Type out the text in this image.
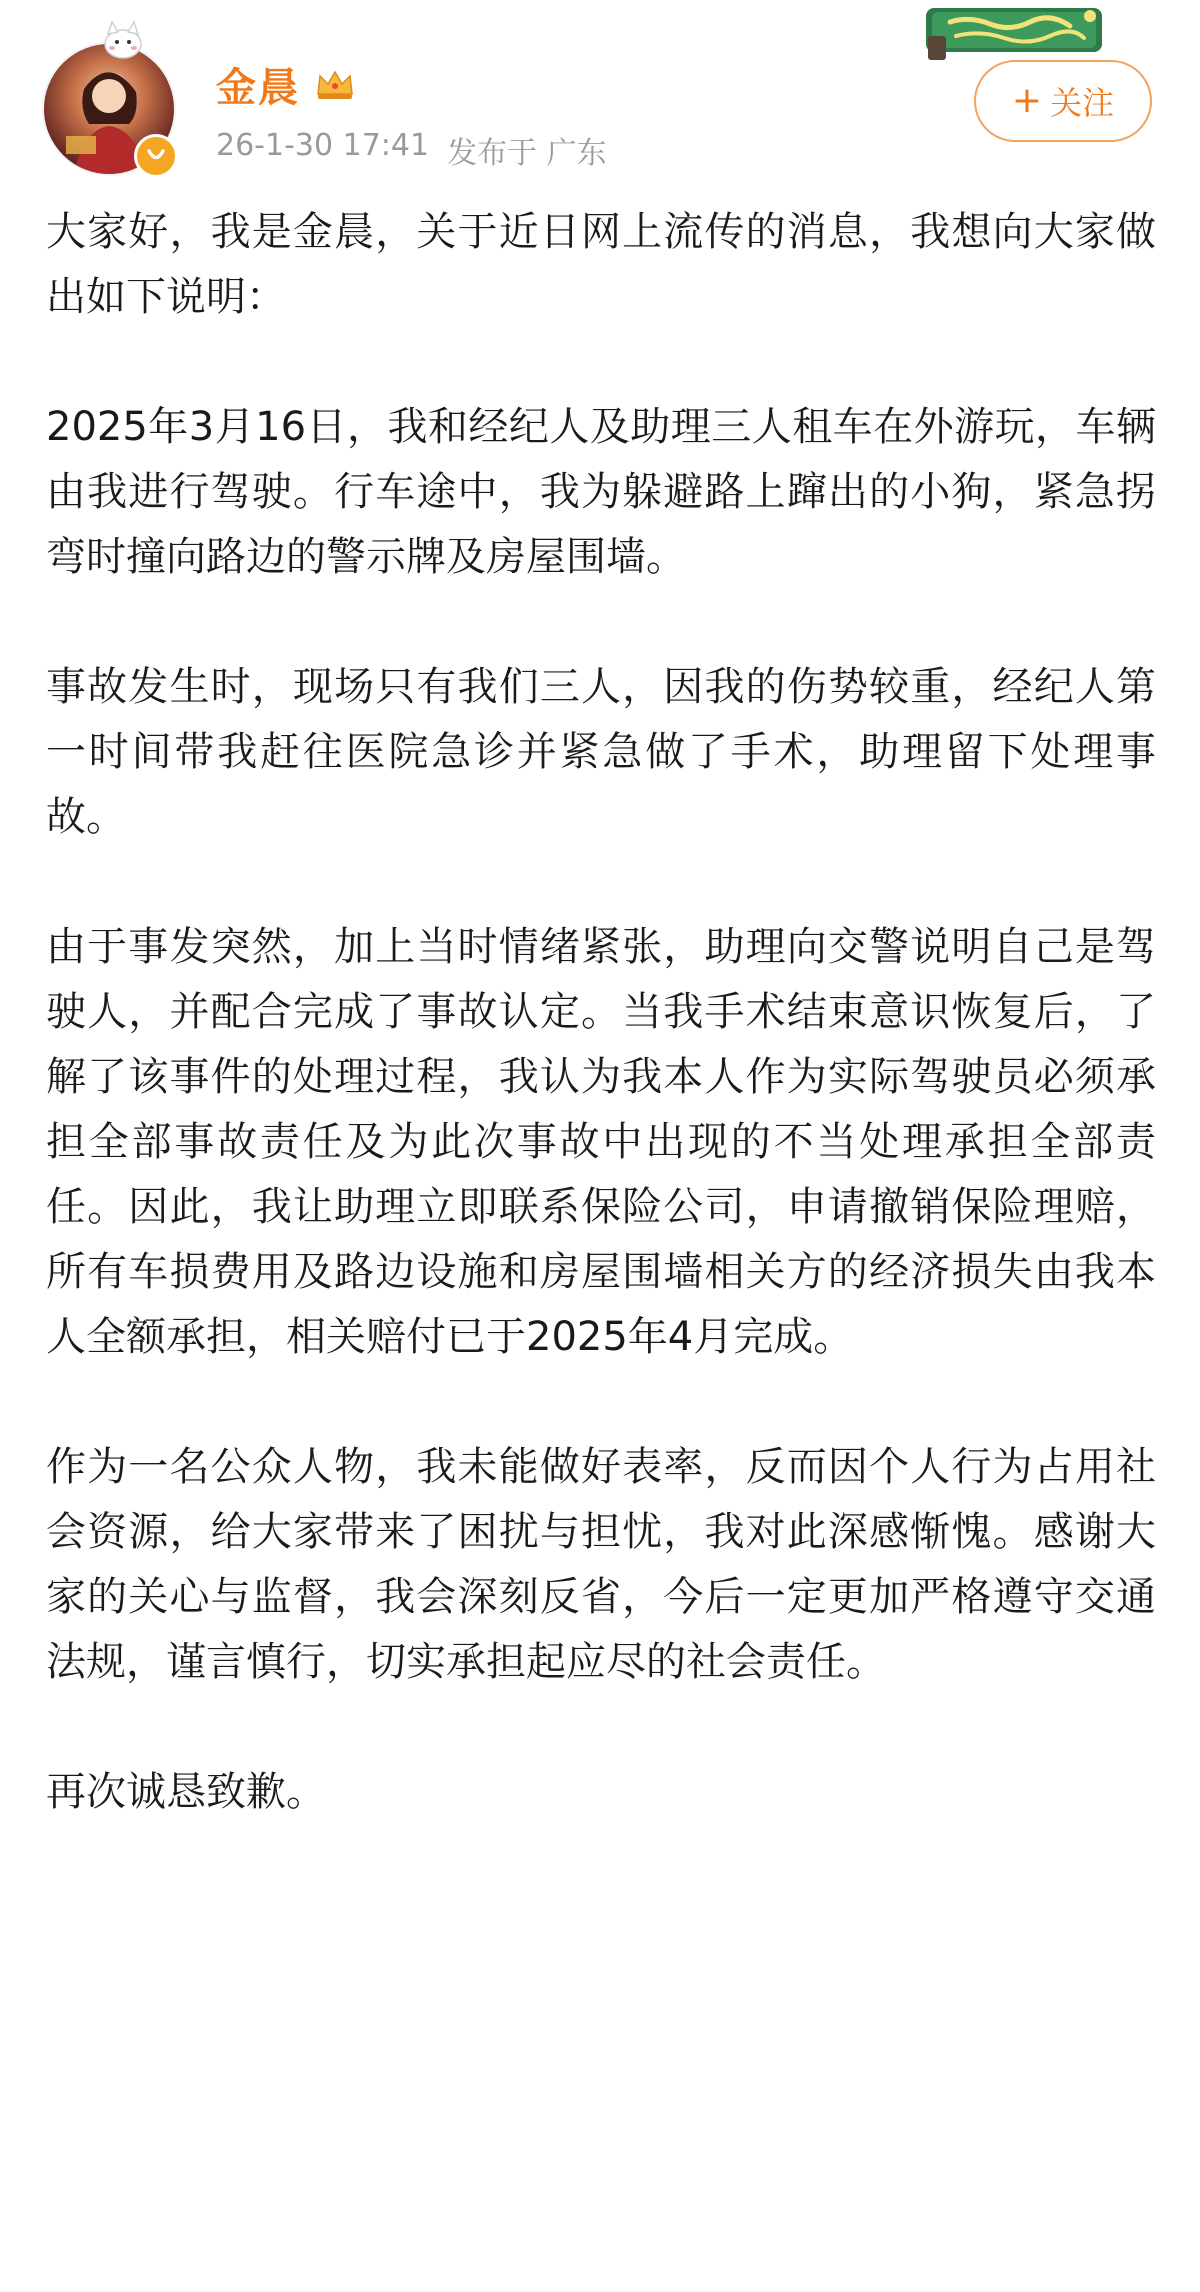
金晨
26-1-30 17:41 发布于 广东
+ 关注

大家好，我是金晨，关于近日网上流传的消息，我想向大家做出如下说明：

2025年3月16日，我和经纪人及助理三人租车在外游玩，车辆由我进行驾驶。行车途中，我为躲避路上蹿出的小狗，紧急拐弯时撞向路边的警示牌及房屋围墙。

事故发生时，现场只有我们三人，因我的伤势较重，经纪人第一时间带我赶往医院急诊并紧急做了手术，助理留下处理事故。

由于事发突然，加上当时情绪紧张，助理向交警说明自己是驾驶人，并配合完成了事故认定。当我手术结束意识恢复后，了解了该事件的处理过程，我认为我本人作为实际驾驶员必须承担全部事故责任及为此次事故中出现的不当处理承担全部责任。因此，我让助理立即联系保险公司，申请撤销保险理赔，所有车损费用及路边设施和房屋围墙相关方的经济损失由我本人全额承担，相关赔付已于2025年4月完成。

作为一名公众人物，我未能做好表率，反而因个人行为占用社会资源，给大家带来了困扰与担忧，我对此深感惭愧。感谢大家的关心与监督，我会深刻反省，今后一定更加严格遵守交通法规，谨言慎行，切实承担起应尽的社会责任。

再次诚恳致歉。
